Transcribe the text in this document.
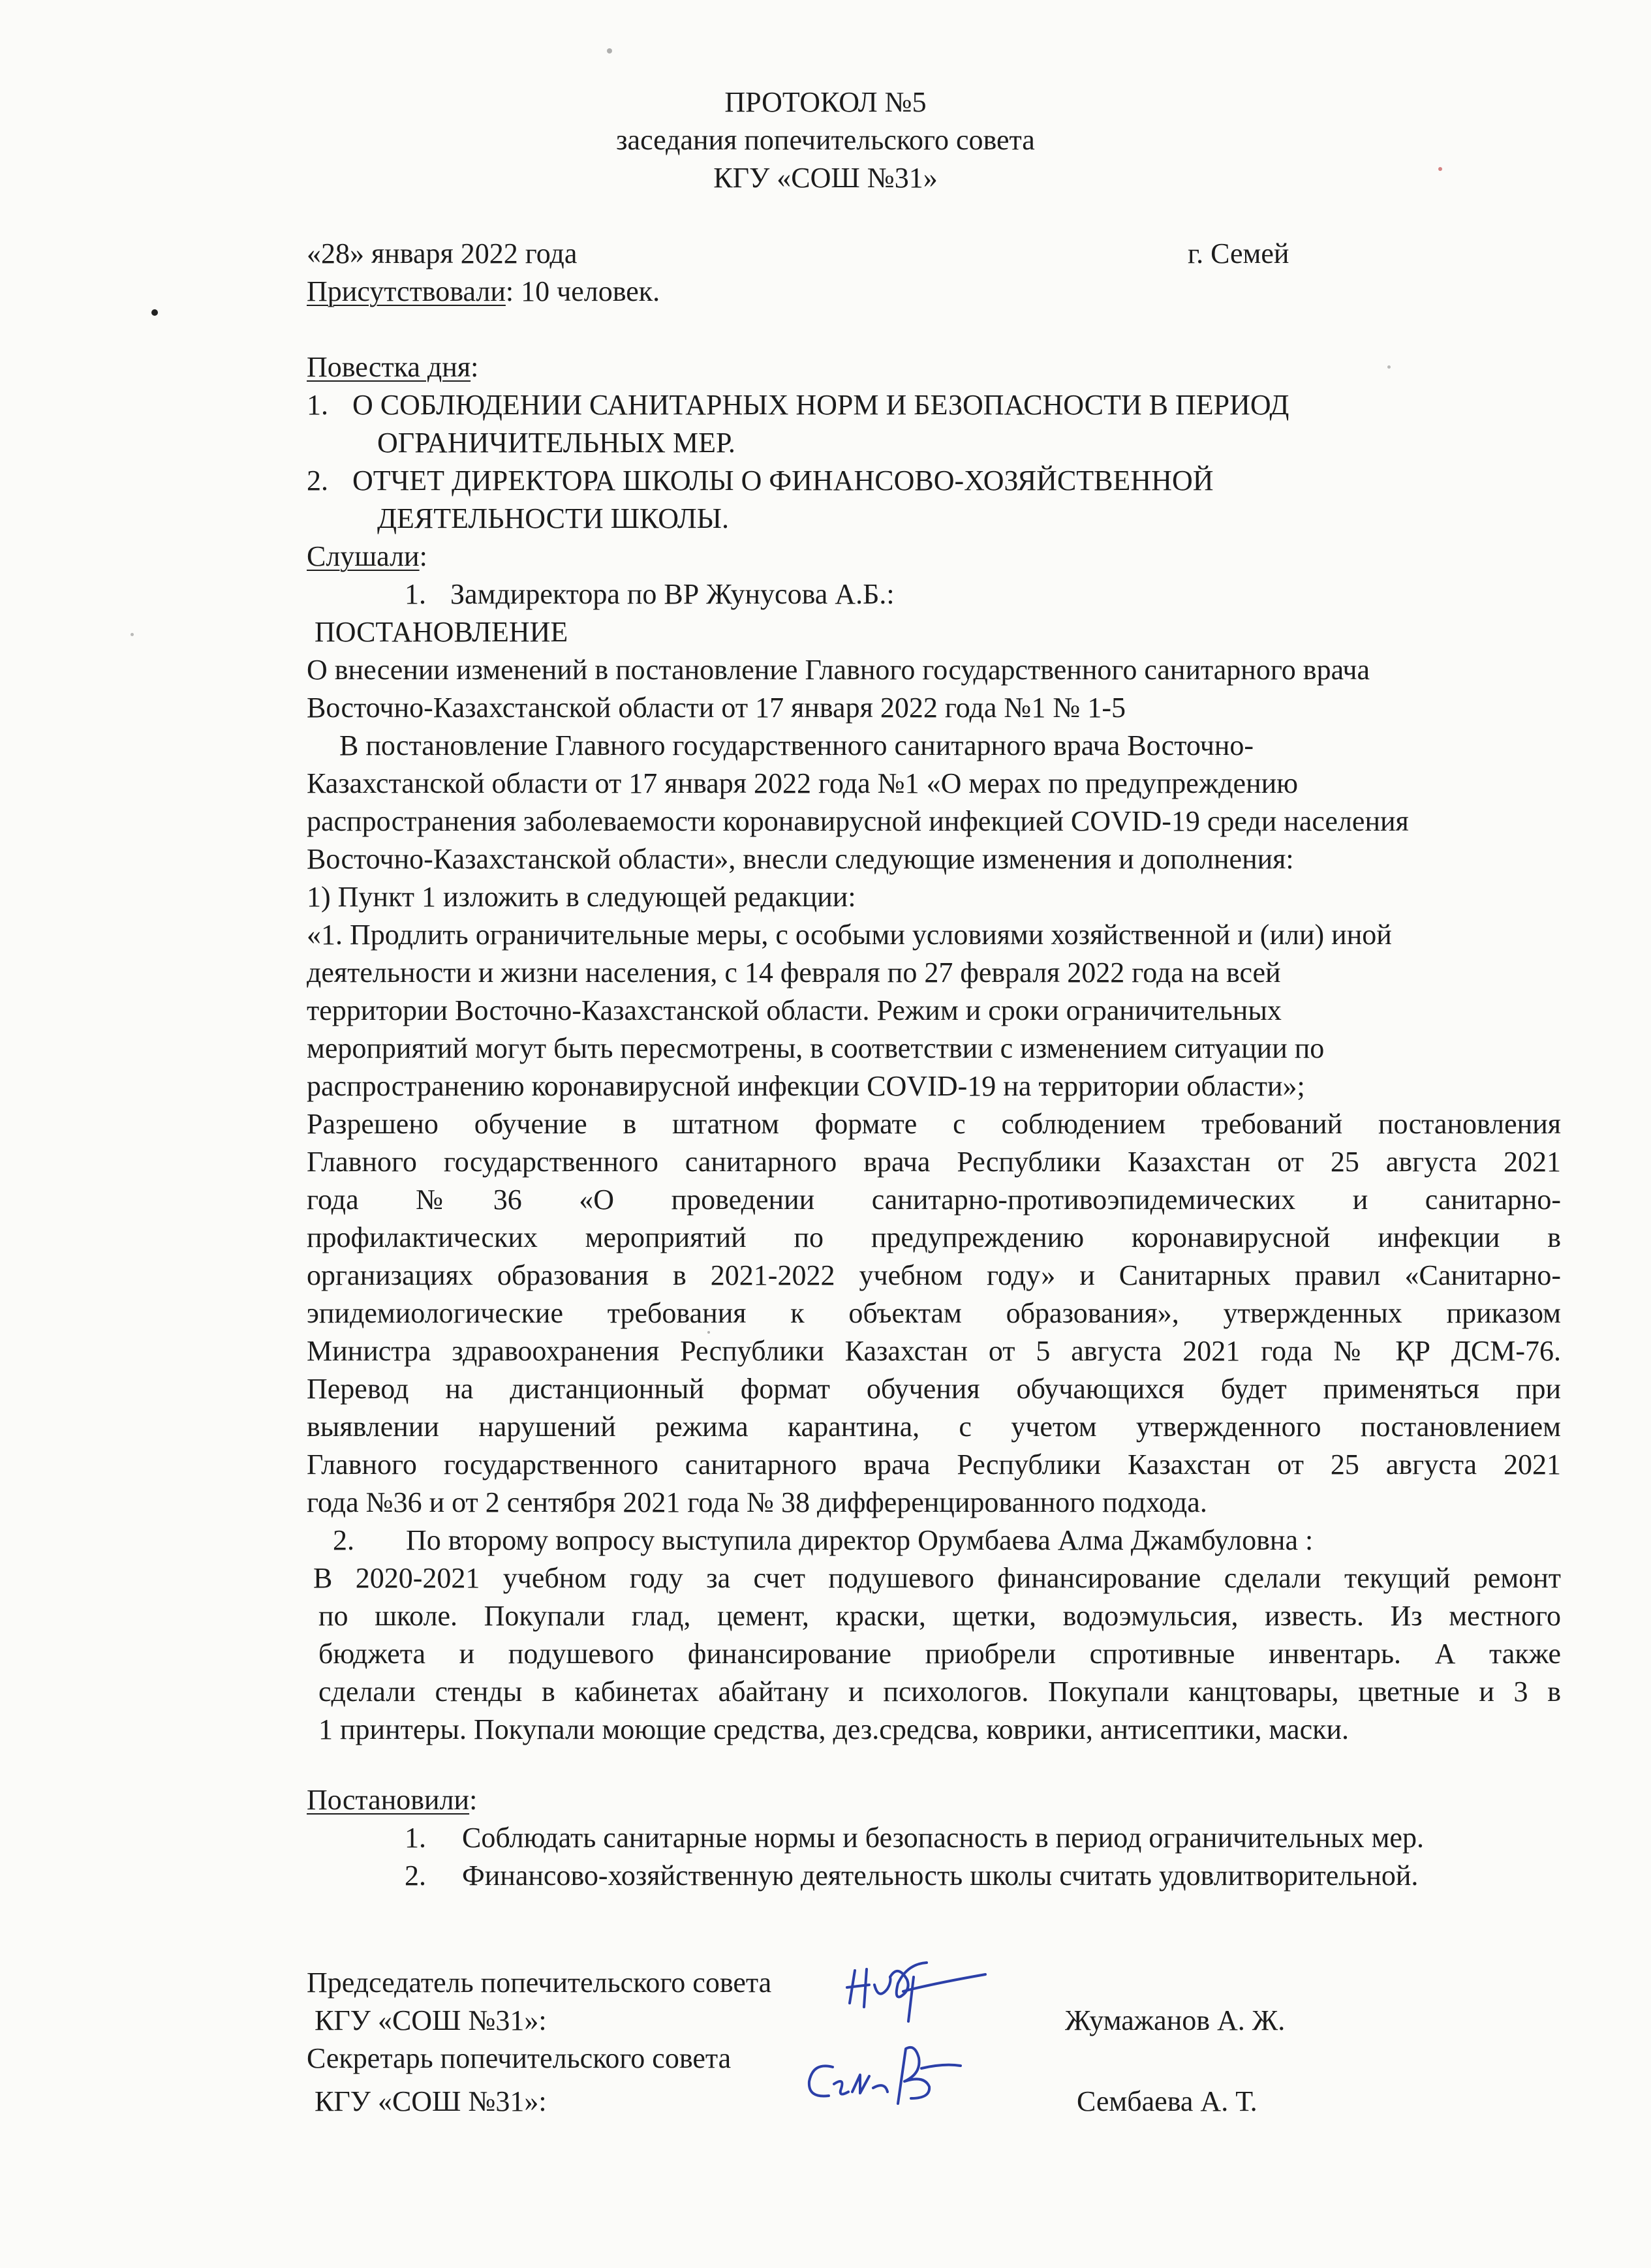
ПРОТОКОЛ №5

заседания попечительского совета

КГУ «СОШ №31»

«28» января 2022 года	г. Семей

Присутствовали: 10 человек.

Повестка дня:

1. О СОБЛЮДЕНИИ САНИТАРНЫХ НОРМ И БЕЗОПАСНОСТИ В ПЕРИОД

ОГРАНИЧИТЕЛЬНЫХ МЕР.

2. ОТЧЕТ ДИРЕКТОРА ШКОЛЫ О ФИНАНСОВО-ХОЗЯЙСТВЕННОЙ

ДЕЯТЕЛЬНОСТИ ШКОЛЫ.

Слушали:

1. Замдиректора по ВР Жунусова А.Б.:

ПОСТАНОВЛЕНИЕ

О внесении изменений в постановление Главного государственного санитарного врача

Восточно-Казахстанской области от 17 января 2022 года №1 № 1-5

В постановление Главного государственного санитарного врача Восточно-

Казахстанской области от 17 января 2022 года №1 «О мерах по предупреждению

распространения заболеваемости коронавирусной инфекцией COVID-19 среди населения

Восточно-Казахстанской области», внесли следующие изменения и дополнения:

1) Пункт 1 изложить в следующей редакции:

«1. Продлить ограничительные меры, с особыми условиями хозяйственной и (или) иной

деятельности и жизни населения, с 14 февраля по 27 февраля 2022 года на всей

территории Восточно-Казахстанской области. Режим и сроки ограничительных

мероприятий могут быть пересмотрены, в соответствии с изменением ситуации по

распространению коронавирусной инфекции COVID-19 на территории области»;

Разрешено обучение в штатном формате с соблюдением требований постановления

Главного государственного санитарного врача Республики Казахстан от 25 августа 2021

года №36 «О проведении санитарно-противоэпидемических и санитарно-

профилактических мероприятий по предупреждению коронавирусной инфекции в

организациях образования в 2021-2022 учебном году» и Санитарных правил «Санитарно-

эпидемиологические требования к объектам образования», утвержденных приказом

Министра здравоохранения Республики Казахстан от 5 августа 2021 года № ҚР ДСМ-76.

Перевод на дистанционный формат обучения обучающихся будет применяться при

выявлении нарушений режима карантина, с учетом утвержденного постановлением

Главного государственного санитарного врача Республики Казахстан от 25 августа 2021

года №36 и от 2 сентября 2021 года № 38 дифференцированного подхода.

2. По второму вопросу выступила директор Орумбаева Алма Джамбуловна :

В 2020-2021 учебном году за счет подушевого финансирование сделали текущий ремонт

по школе. Покупали глад, цемент, краски, щетки, водоэмульсия, известь. Из местного

бюджета и подушевого финансирование приобрели спротивные инвентарь. А также

сделали стенды в кабинетах абайтану и психологов. Покупали канцтовары, цветные и 3 в

1 принтеры. Покупали моющие средства, дез.средсва, коврики, антисептики, маски.

Постановили:

1. Соблюдать санитарные нормы и безопасность в период ограничительных мер.

2. Финансово-хозяйственную деятельность школы считать удовлитворительной.

Председатель попечительского совета

КГУ «СОШ №31»:	Жумажанов А. Ж.

Секретарь попечительского совета

КГУ «СОШ №31»:	Сембаева А. Т.
